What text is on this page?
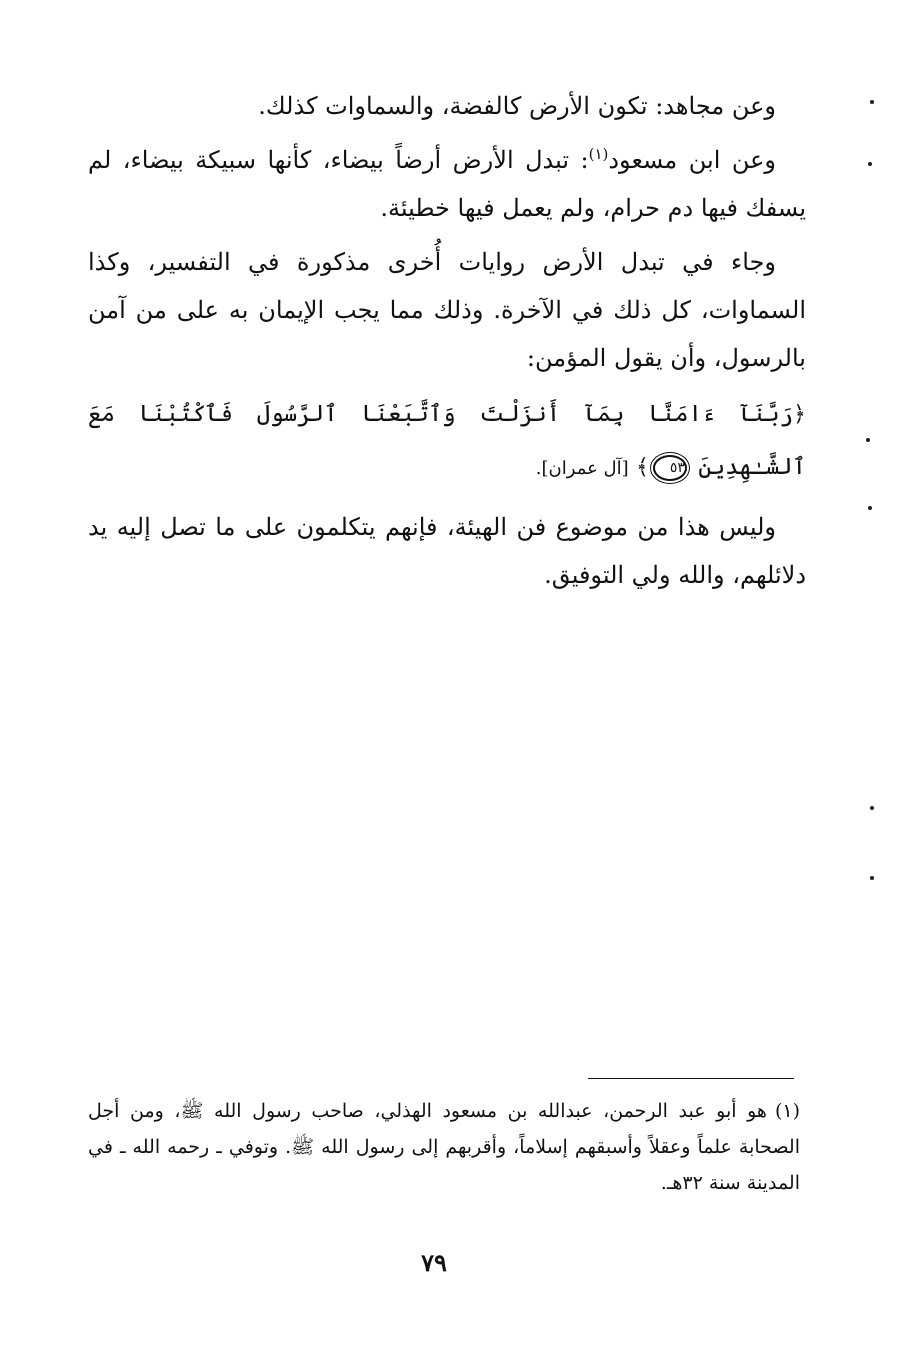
وعن مجاهد: تكون الأرض كالفضة، والسماوات كذلك.

وعن ابن مسعود$^{(١)}$: تبدل الأرض أرضاً بيضاء، كأنها سبيكة بيضاء، لم يسفك فيها دم حرام، ولم يعمل فيها خطيئة.

وجاء في تبدل الأرض روايات أُخرى مذكورة في التفسير، وكذا السماوات، كل ذلك في الآخرة. وذلك مما يجب الإيمان به على من آمن بالرسول، وأن يقول المؤمن:

﴿رَبَّنَآ ءَامَنَّا بِمَآ أَنزَلْتَ وَٱتَّبَعْنَا ٱلرَّسُولَ فَٱكْتُبْنَا مَعَ ٱلشَّـٰهِدِينَ ٥٣﴾ [آل عمران].

وليس هذا من موضوع فن الهيئة، فإنهم يتكلمون على ما تصل إليه يد دلائلهم، والله ولي التوفيق.

(١)هو أبو عبد الرحمن، عبدالله بن مسعود الهذلي، صاحب رسول الله ﷺ، ومن أجل الصحابة علماً وعقلاً وأسبقهم إسلاماً، وأقربهم إلى رسول الله ﷺ. وتوفي ـ رحمه الله ـ في المدينة سنة ٣٢هـ.
٧٩
